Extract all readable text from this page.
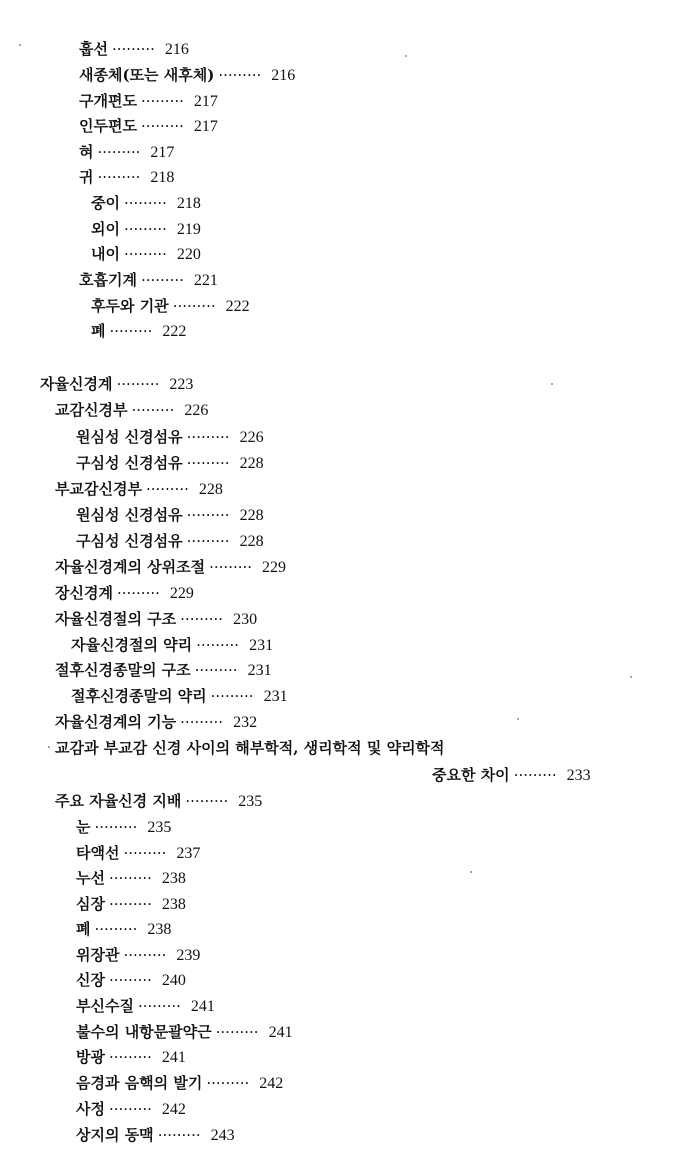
훕선 ········· 216
새종체(또는 새후체) ········· 216
구개편도 ········· 217
인두편도 ········· 217
혀 ········· 217
귀 ········· 218
중이 ········· 218
외이 ········· 219
내이 ········· 220
호흡기계 ········· 221
후두와 기관 ········· 222
폐 ········· 222
자율신경계 ········· 223
교감신경부 ········· 226
원심성 신경섬유 ········· 226
구심성 신경섬유 ········· 228
부교감신경부 ········· 228
원심성 신경섬유 ········· 228
구심성 신경섬유 ········· 228
자율신경계의 상위조절 ········· 229
장신경계 ········· 229
자율신경절의 구조 ········· 230
자율신경절의 약리 ········· 231
절후신경종말의 구조 ········· 231
절후신경종말의 약리 ········· 231
자율신경계의 기능 ········· 232
교감과 부교감 신경 사이의 해부학적, 생리학적 및 약리학적
중요한 차이 ········· 233
주요 자율신경 지배 ········· 235
눈 ········· 235
타액선 ········· 237
누선 ········· 238
심장 ········· 238
폐 ········· 238
위장관 ········· 239
신장 ········· 240
부신수질 ········· 241
불수의 내항문괄약근 ········· 241
방광 ········· 241
음경과 음핵의 발기 ········· 242
사정 ········· 242
상지의 동맥 ········· 243
